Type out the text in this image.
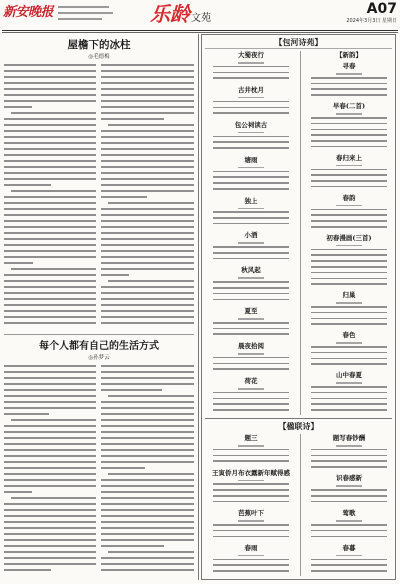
新安晚报	乐龄文苑
A07
2024年3月3日 星期日
屋檐下的冰柱
◎毛德梅
每个人都有自己的生活方式
◎孙梦云
【包河诗苑】
大蜀夜行
古井枕月
包公祠读古
塘雨
独上
小酒
秋风起
夏至
晨夜拾阅
荷花
【新韵】
寻春
早春(二首)
春归来上
春韵
初春漫画(三首)
归巢
春色
山中春夏
【楹联诗】
题三
王寅侨月布衣露新年赋得感
芭蕉叶下
春雨
题写春钞酬
识春感新
莺歌
春暮
